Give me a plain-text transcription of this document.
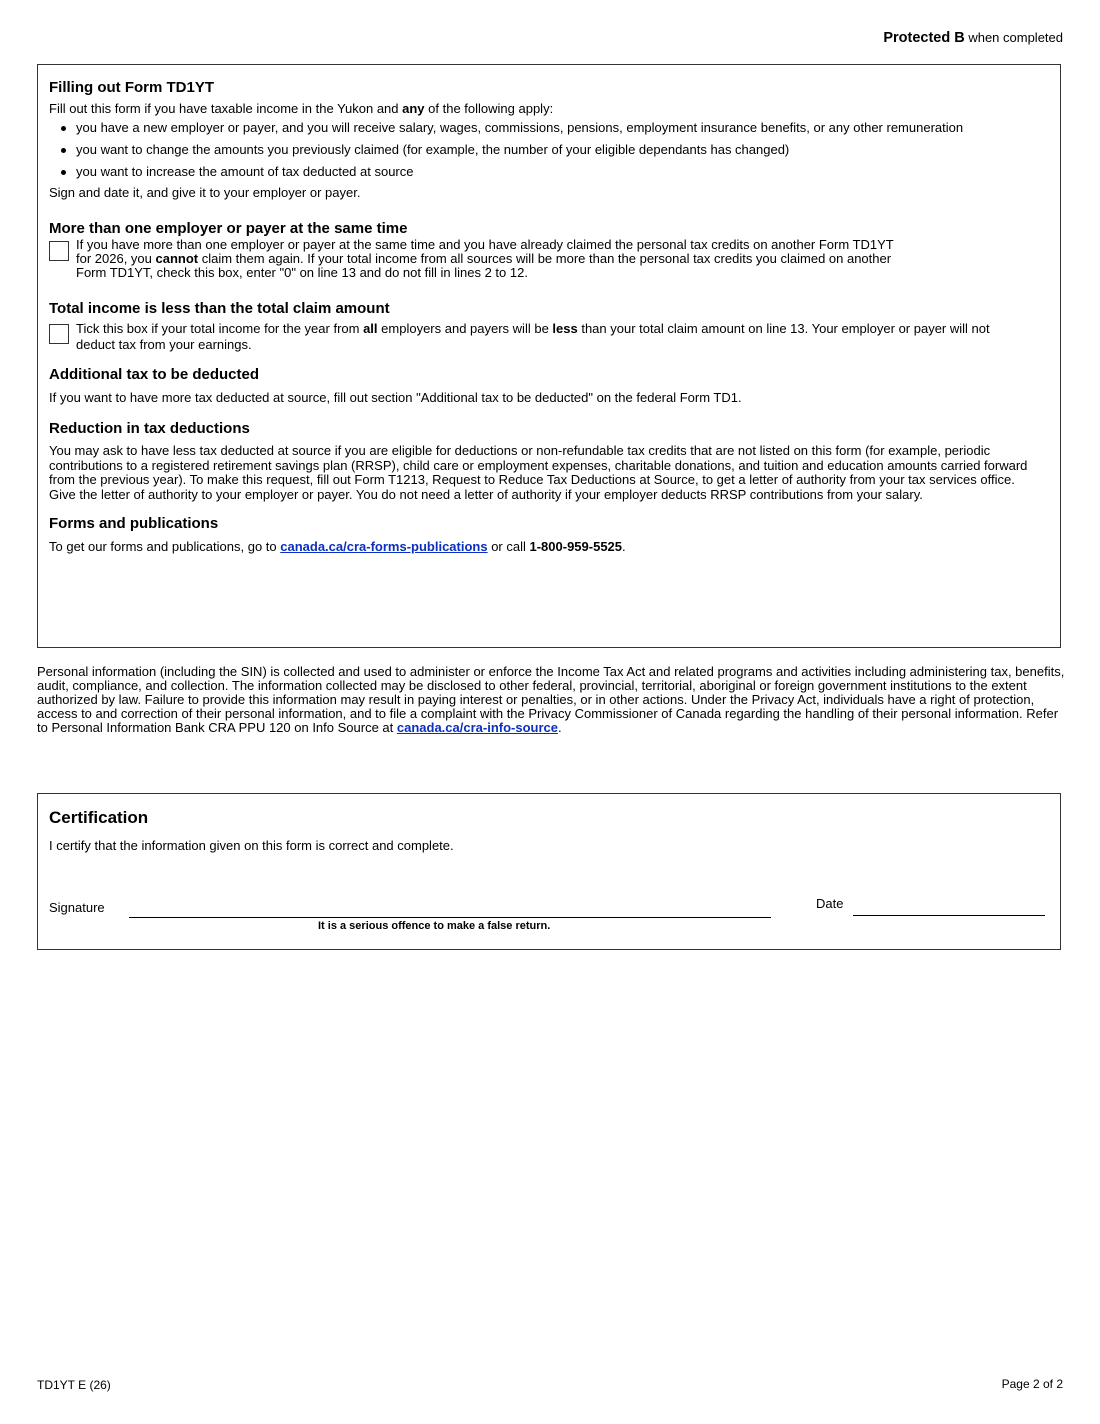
Protected B when completed
Filling out Form TD1YT

Fill out this form if you have taxable income in the Yukon and any of the following apply:

you have a new employer or payer, and you will receive salary, wages, commissions, pensions, employment insurance benefits, or any other remuneration
you want to change the amounts you previously claimed (for example, the number of your eligible dependants has changed)
you want to increase the amount of tax deducted at source

Sign and date it, and give it to your employer or payer.

More than one employer or payer at the same time

If you have more than one employer or payer at the same time and you have already claimed the personal tax credits on another Form TD1YT for 2026, you cannot claim them again. If your total income from all sources will be more than the personal tax credits you claimed on another Form TD1YT, check this box, enter "0" on line 13 and do not fill in lines 2 to 12.

Total income is less than the total claim amount

Tick this box if your total income for the year from all employers and payers will be less than your total claim amount on line 13. Your employer or payer will not deduct tax from your earnings.

Additional tax to be deducted

If you want to have more tax deducted at source, fill out section "Additional tax to be deducted" on the federal Form TD1.

Reduction in tax deductions

You may ask to have less tax deducted at source if you are eligible for deductions or non-refundable tax credits that are not listed on this form (for example, periodic contributions to a registered retirement savings plan (RRSP), child care or employment expenses, charitable donations, and tuition and education amounts carried forward from the previous year). To make this request, fill out Form T1213, Request to Reduce Tax Deductions at Source, to get a letter of authority from your tax services office. Give the letter of authority to your employer or payer. You do not need a letter of authority if your employer deducts RRSP contributions from your salary.

Forms and publications

To get our forms and publications, go to canada.ca/cra-forms-publications or call 1-800-959-5525.

Personal information (including the SIN) is collected and used to administer or enforce the Income Tax Act and related programs and activities including administering tax, benefits, audit, compliance, and collection. The information collected may be disclosed to other federal, provincial, territorial, aboriginal or foreign government institutions to the extent authorized by law. Failure to provide this information may result in paying interest or penalties, or in other actions. Under the Privacy Act, individuals have a right of protection, access to and correction of their personal information, and to file a complaint with the Privacy Commissioner of Canada regarding the handling of their personal information. Refer to Personal Information Bank CRA PPU 120 on Info Source at canada.ca/cra-info-source.

Certification

I certify that the information given on this form is correct and complete.

Signature
It is a serious offence to make a false return.
Date
TD1YT E (26)	Page 2 of 2
